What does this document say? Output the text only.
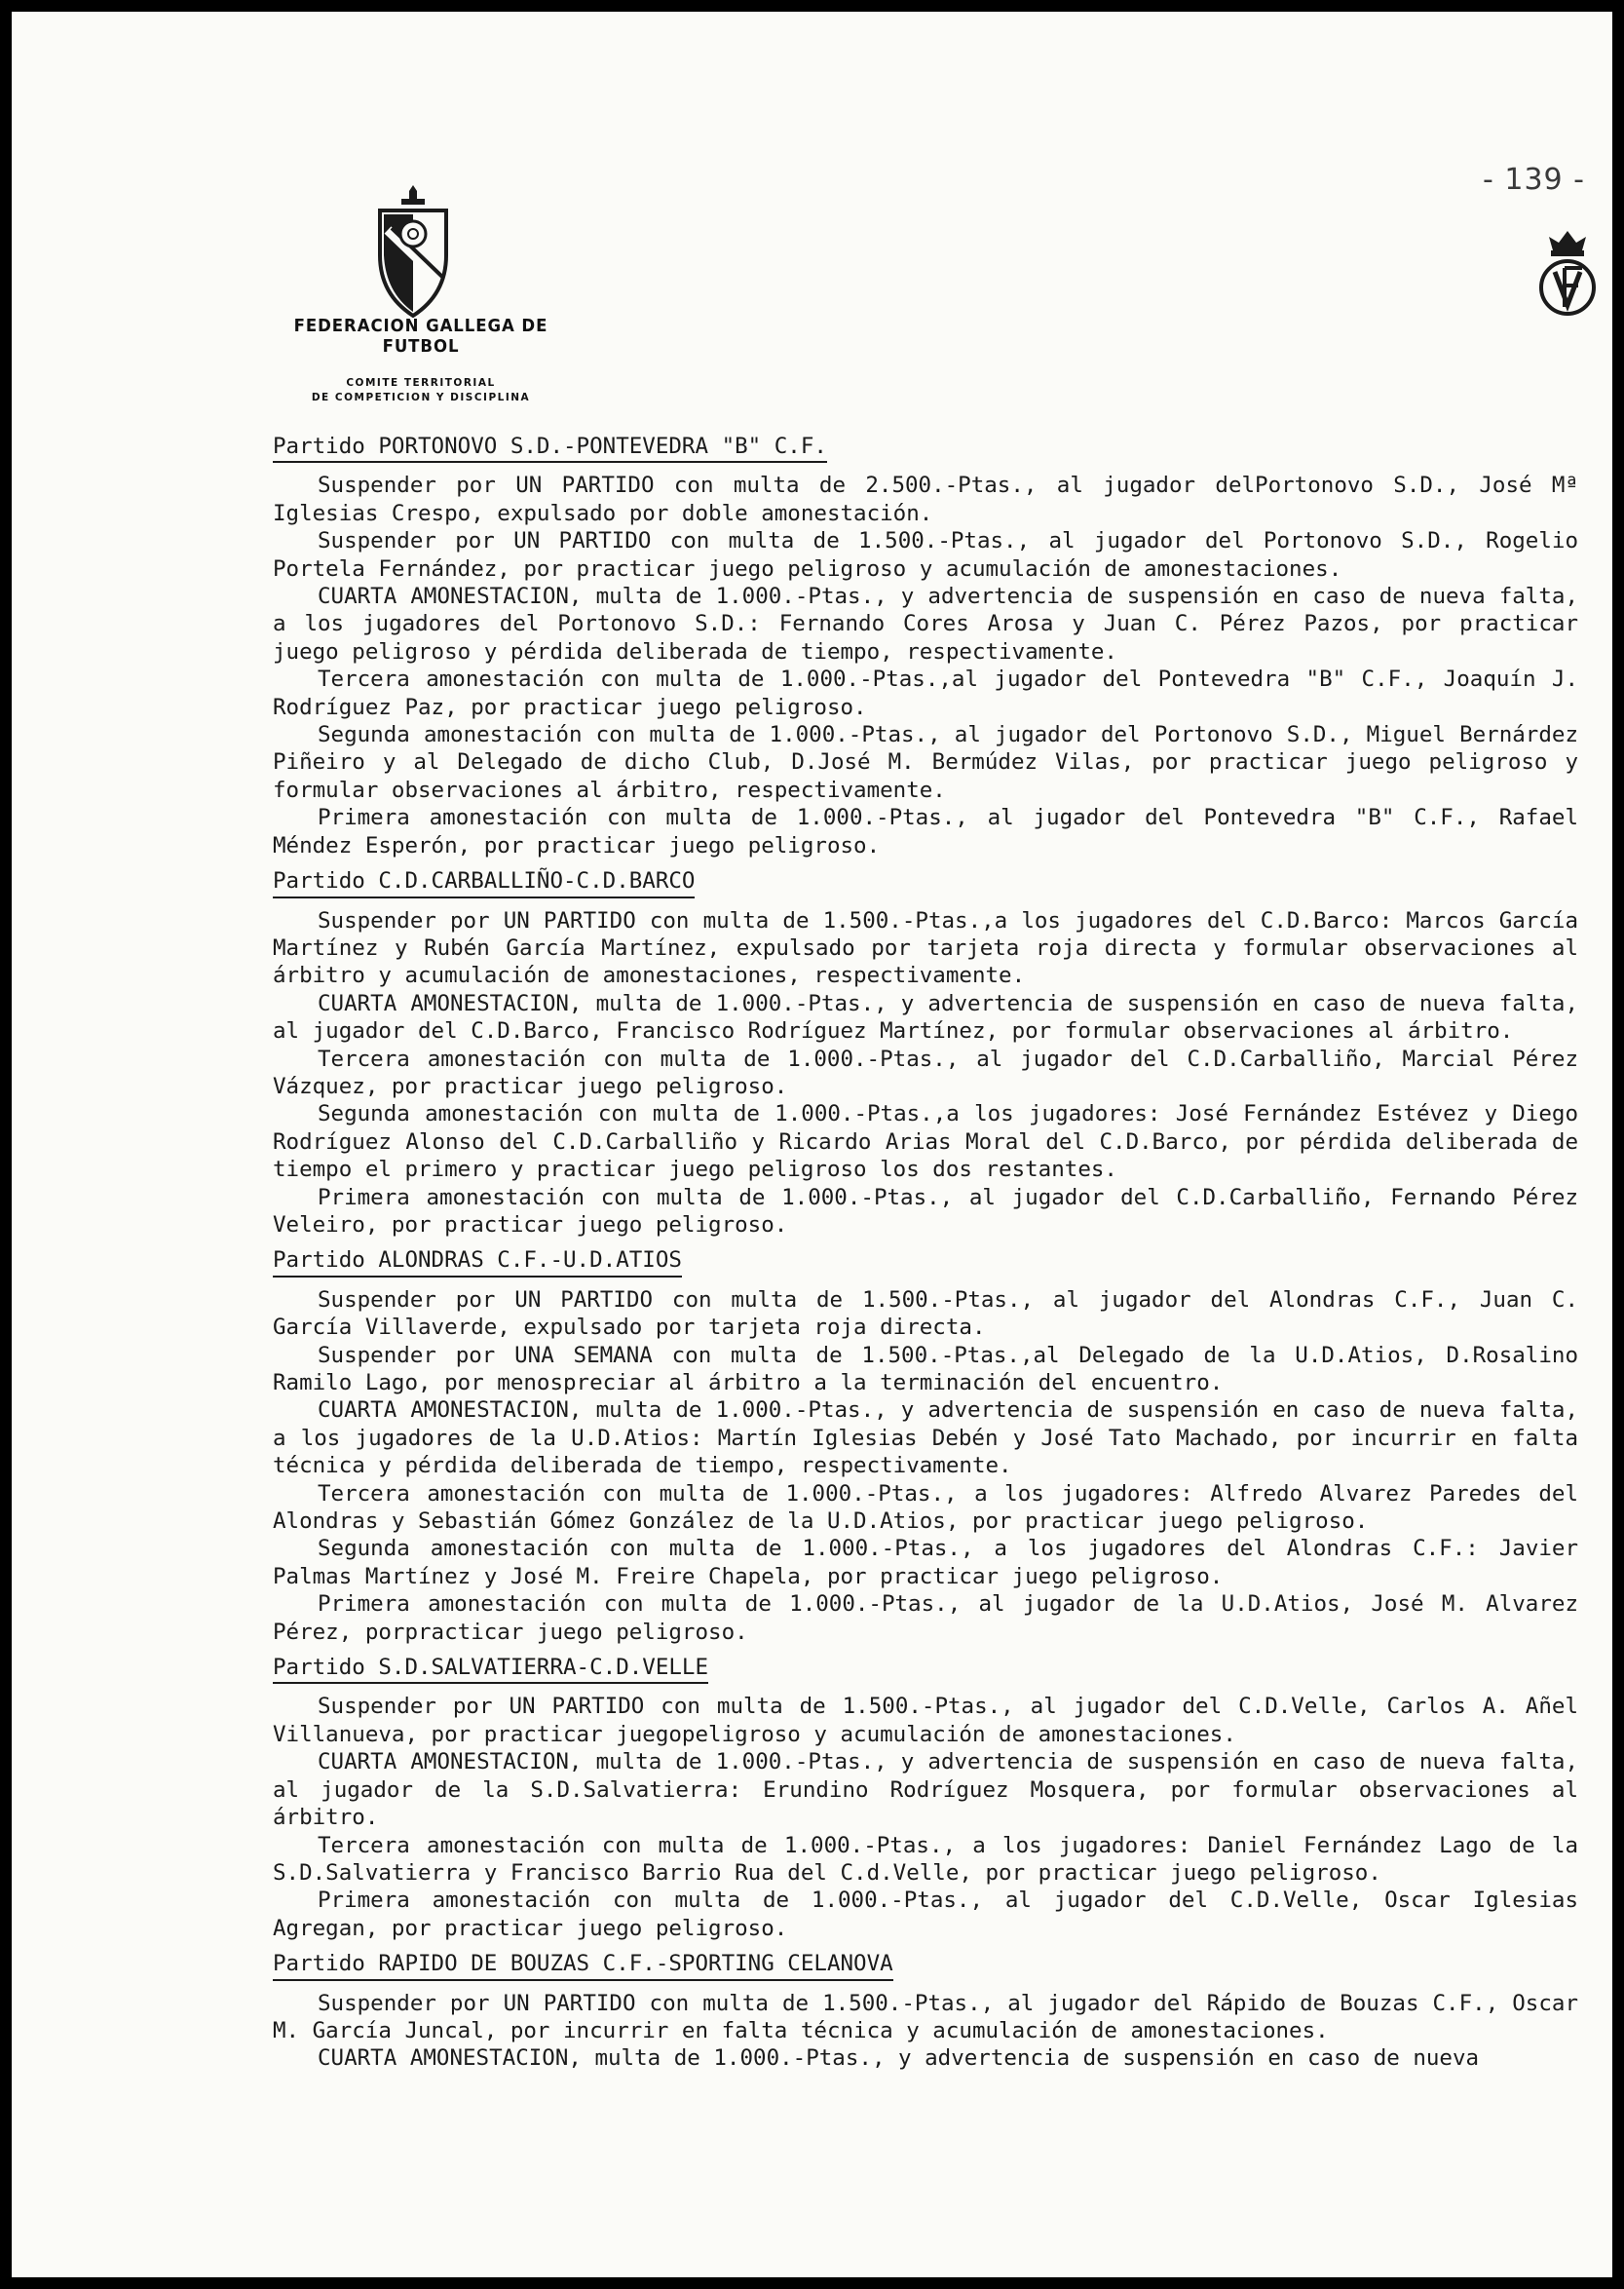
- 139 -
FEDERACION GALLEGA DE FUTBOL
COMITE TERRITORIAL
DE COMPETICION Y DISCIPLINA
Partido PORTONOVO S.D.-PONTEVEDRA "B" C.F.
Suspender por UN PARTIDO con multa de 2.500.-Ptas., al jugador delPortonovo S.D., José Mª Iglesias Crespo, expulsado por doble amonestación.
Suspender por UN PARTIDO con multa de 1.500.-Ptas., al jugador del Portonovo S.D., Rogelio Portela Fernández, por practicar juego peligroso y acumulación de amonestaciones.
CUARTA AMONESTACION, multa de 1.000.-Ptas., y advertencia de suspensión en caso de nueva falta, a los jugadores del Portonovo S.D.: Fernando Cores Arosa y Juan C. Pérez Pazos, por practicar juego peligroso y pérdida deliberada de tiempo, respectivamente.
Tercera amonestación con multa de 1.000.-Ptas.,al jugador del Pontevedra "B" C.F., Joaquín J. Rodríguez Paz, por practicar juego peligroso.
Segunda amonestación con multa de 1.000.-Ptas., al jugador del Portonovo S.D., Miguel Bernárdez Piñeiro y al Delegado de dicho Club, D.José M. Bermúdez Vilas, por practicar juego peligroso y formular observaciones al árbitro, respectivamente.
Primera amonestación con multa de 1.000.-Ptas., al jugador del Pontevedra "B" C.F., Rafael Méndez Esperón, por practicar juego peligroso.
Partido C.D.CARBALLIÑO-C.D.BARCO
Suspender por UN PARTIDO con multa de 1.500.-Ptas.,a los jugadores del C.D.Barco: Marcos García Martínez y Rubén García Martínez, expulsado por tarjeta roja directa y formular observaciones al árbitro y acumulación de amonestaciones, respectivamente.
CUARTA AMONESTACION, multa de 1.000.-Ptas., y advertencia de suspensión en caso de nueva falta, al jugador del C.D.Barco, Francisco Rodríguez Martínez, por formular observaciones al árbitro.
Tercera amonestación con multa de 1.000.-Ptas., al jugador del C.D.Carballiño, Marcial Pérez Vázquez, por practicar juego peligroso.
Segunda amonestación con multa de 1.000.-Ptas.,a los jugadores: José Fernández Estévez y Diego Rodríguez Alonso del C.D.Carballiño y Ricardo Arias Moral del C.D.Barco, por pérdida deliberada de tiempo el primero y practicar juego peligroso los dos restantes.
Primera amonestación con multa de 1.000.-Ptas., al jugador del C.D.Carballiño, Fernando Pérez Veleiro, por practicar juego peligroso.
Partido ALONDRAS C.F.-U.D.ATIOS
Suspender por UN PARTIDO con multa de 1.500.-Ptas., al jugador del Alondras C.F., Juan C. García Villaverde, expulsado por tarjeta roja directa.
Suspender por UNA SEMANA con multa de 1.500.-Ptas.,al Delegado de la U.D.Atios, D.Rosalino Ramilo Lago, por menospreciar al árbitro a la terminación del encuentro.
CUARTA AMONESTACION, multa de 1.000.-Ptas., y advertencia de suspensión en caso de nueva falta, a los jugadores de la U.D.Atios: Martín Iglesias Debén y José Tato Machado, por incurrir en falta técnica y pérdida deliberada de tiempo, respectivamente.
Tercera amonestación con multa de 1.000.-Ptas., a los jugadores: Alfredo Alvarez Paredes del Alondras y Sebastián Gómez González de la U.D.Atios, por practicar juego peligroso.
Segunda amonestación con multa de 1.000.-Ptas., a los jugadores del Alondras C.F.: Javier Palmas Martínez y José M. Freire Chapela, por practicar juego peligroso.
Primera amonestación con multa de 1.000.-Ptas., al jugador de la U.D.Atios, José M. Alvarez Pérez, porpracticar juego peligroso.
Partido S.D.SALVATIERRA-C.D.VELLE
Suspender por UN PARTIDO con multa de 1.500.-Ptas., al jugador del C.D.Velle, Carlos A. Añel Villanueva, por practicar juegopeligroso y acumulación de amonestaciones.
CUARTA AMONESTACION, multa de 1.000.-Ptas., y advertencia de suspensión en caso de nueva falta, al jugador de la S.D.Salvatierra: Erundino Rodríguez Mosquera, por formular observaciones al árbitro.
Tercera amonestación con multa de 1.000.-Ptas., a los jugadores: Daniel Fernández Lago de la S.D.Salvatierra y Francisco Barrio Rua del C.d.Velle, por practicar juego peligroso.
Primera amonestación con multa de 1.000.-Ptas., al jugador del C.D.Velle, Oscar Iglesias Agregan, por practicar juego peligroso.
Partido RAPIDO DE BOUZAS C.F.-SPORTING CELANOVA
Suspender por UN PARTIDO con multa de 1.500.-Ptas., al jugador del Rápido de Bouzas C.F., Oscar M. García Juncal, por incurrir en falta técnica y acumulación de amonestaciones.
CUARTA AMONESTACION, multa de 1.000.-Ptas., y advertencia de suspensión en caso de nueva
